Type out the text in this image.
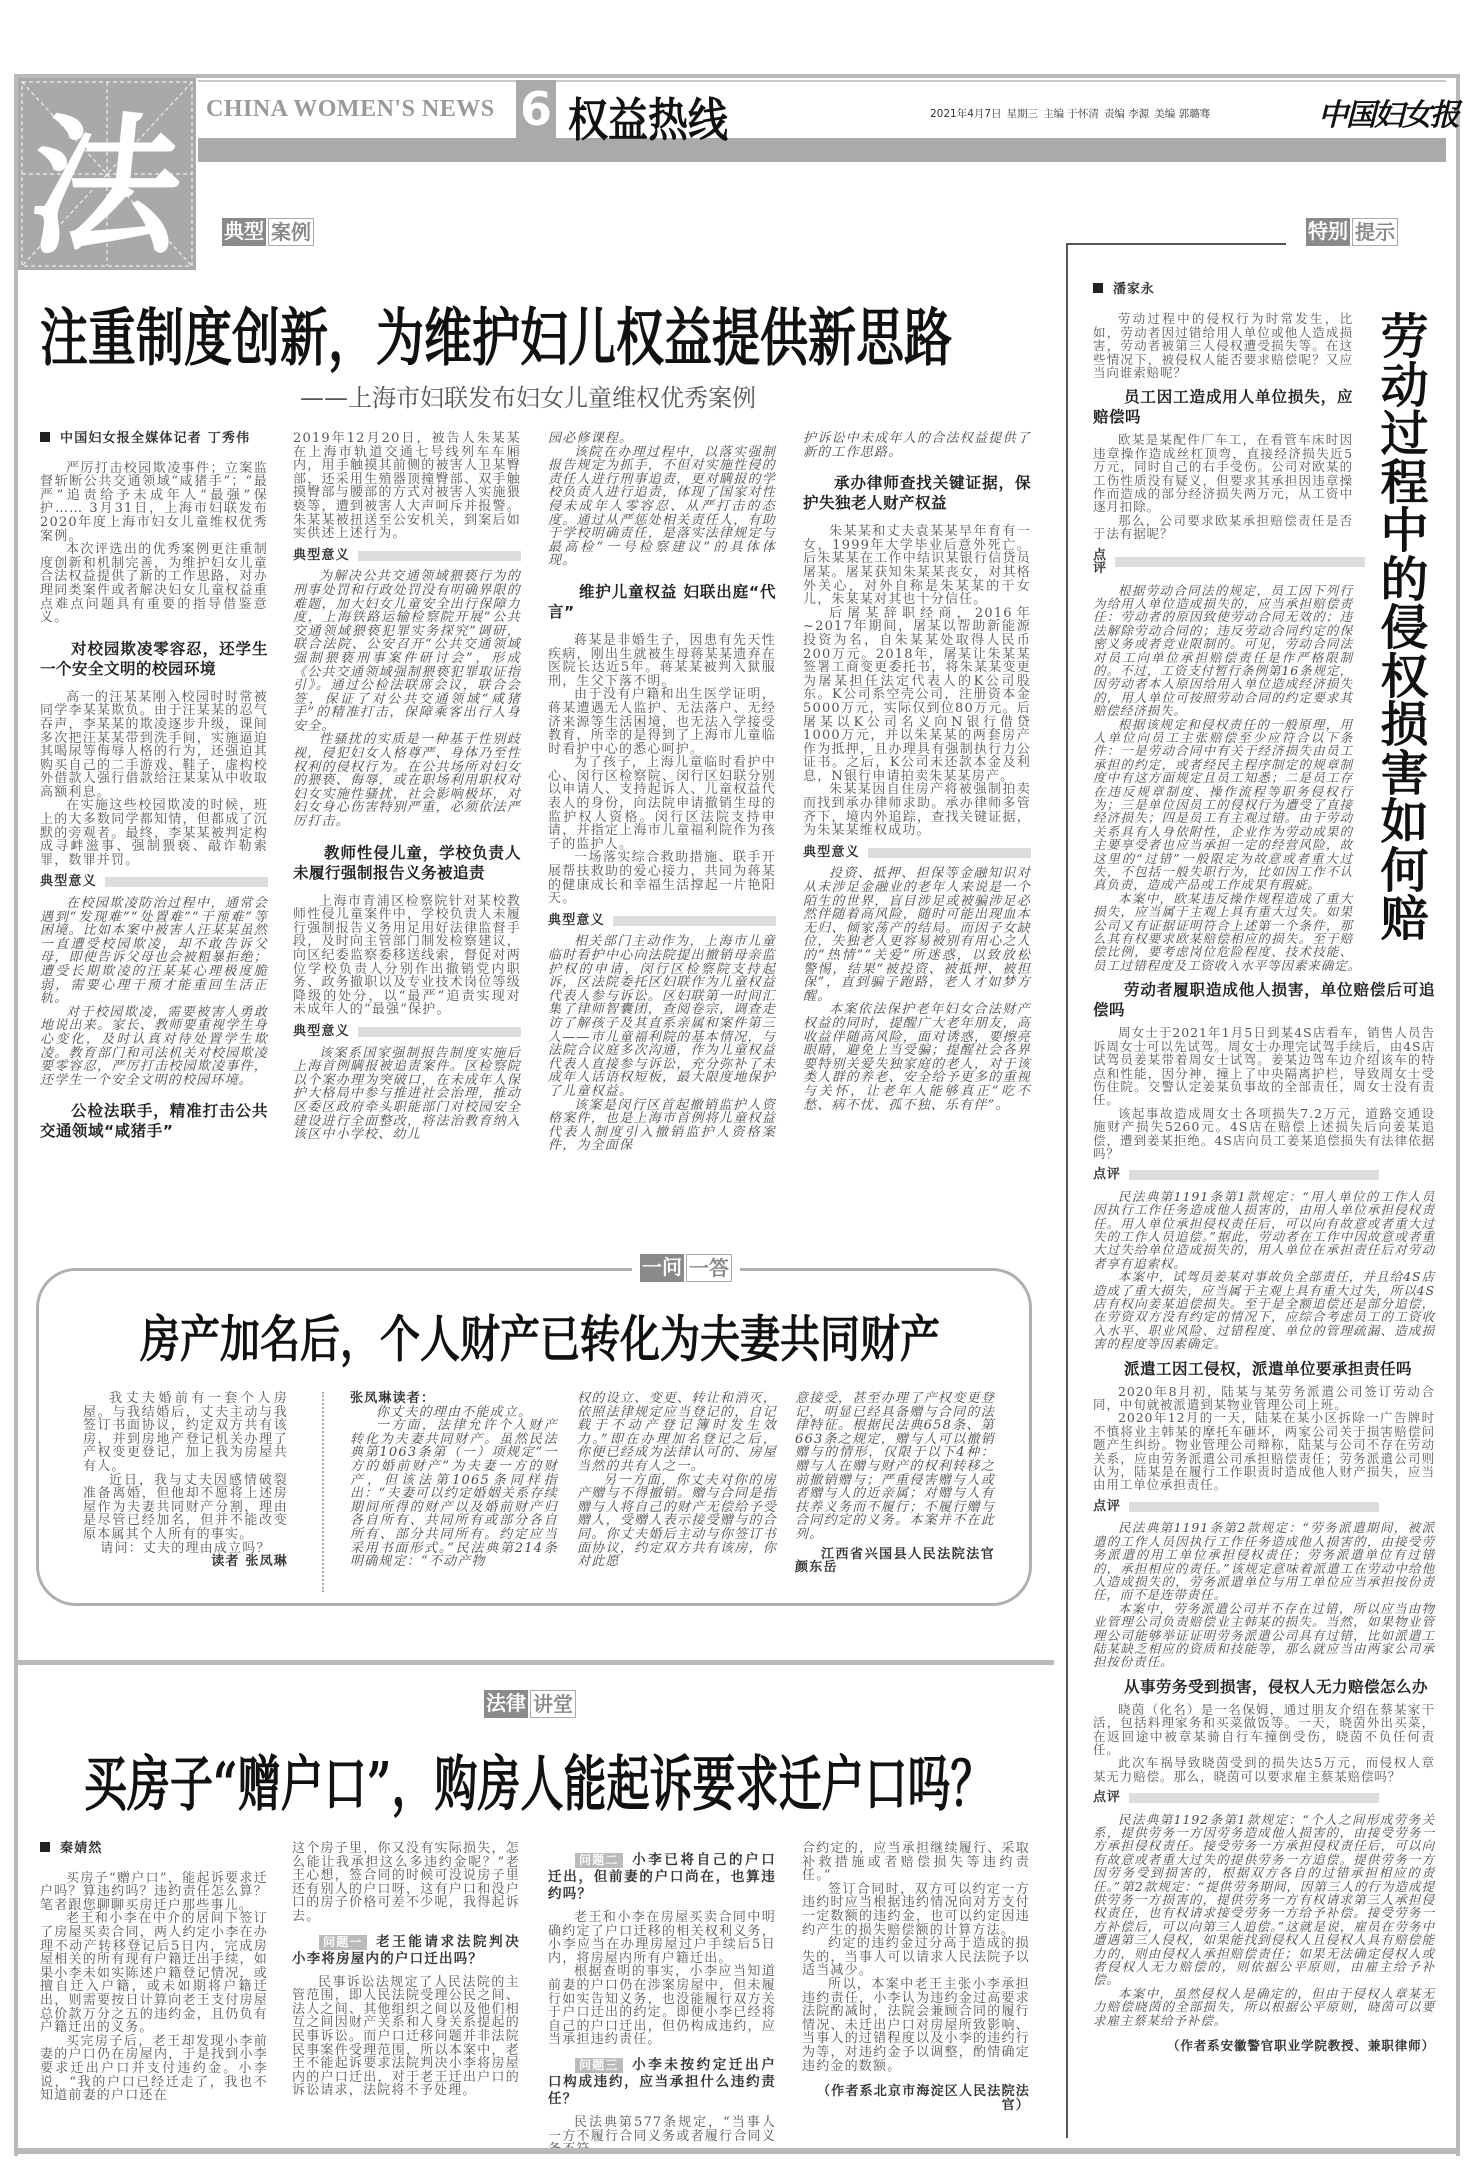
法 CHINA WOMEN'S NEWS 6 权益热线	2021年4月7日 星期三 主编 于怀清 责编 李源 美编 郭璐骞	中国妇女报
典型 案例	特别 提示
注重制度创新，为维护妇儿权益提供新思路
——上海市妇联发布妇女儿童维权优秀案例
中国妇女报全媒体记者 丁秀伟

严厉打击校园欺凌事件；立案监督斩断公共交通领域“咸猪手”；“最严”追责给予未成年人“最强”保护…… 3月31日，上海市妇联发布2020年度上海市妇女儿童维权优秀案例。

本次评选出的优秀案例更注重制度创新和机制完善，为维护妇女儿童合法权益提供了新的工作思路，对办理同类案件或者解决妇女儿童权益重点难点问题具有重要的指导借鉴意义。

对校园欺凌零容忍，还学生一个安全文明的校园环境

高一的汪某某刚入校园时时常被同学李某某欺负。由于汪某某的忍气吞声，李某某的欺凌逐步升级，课间多次把汪某某带到洗手间，实施逼迫其喝尿等侮辱人格的行为，还强迫其购买自己的二手游戏、鞋子，虚构校外借款人强行借款给汪某某从中收取高额利息。

在实施这些校园欺凌的时候，班上的大多数同学都知情，但都成了沉默的旁观者。最终，李某某被判定构成寻衅滋事、强制猥亵、敲诈勒索罪，数罪并罚。

典型意义

在校园欺凌防治过程中，通常会遇到“发现难”“处置难”“干预难”等困境。比如本案中被害人汪某某虽然一直遭受校园欺凌，却不敢告诉父母，即使告诉父母也会被粗暴拒绝；遭受长期欺凌的汪某某心理极度脆弱，需要心理干预才能重回生活正轨。

对于校园欺凌，需要被害人勇敢地说出来。家长、教师要重视学生身心变化，及时认真对待处置学生欺凌。教育部门和司法机关对校园欺凌要零容忍，严厉打击校园欺凌事件，还学生一个安全文明的校园环境。

公检法联手，精准打击公共交通领域“咸猪手”

2019年12月20日，被告人朱某某在上海市轨道交通七号线列车车厢内，用手触摸其前侧的被害人卫某臀部，还采用生殖器顶撞臀部、双手触摸臀部与腰部的方式对被害人实施猥亵等，遭到被害人大声呵斥并报警。朱某某被扭送至公安机关，到案后如实供述上述行为。

典型意义

为解决公共交通领域猥亵行为的刑事处罚和行政处罚没有明确界限的难题，加大妇女儿童安全出行保障力度，上海铁路运输检察院开展“公共交通领域猥亵犯罪实务探究”调研，联合法院、公安召开“公共交通领域强制猥亵刑事案件研讨会”，形成《公共交通领域强制猥亵犯罪取证指引》。通过公检法联席会议，联合会签，保证了对公共交通领域“咸猪手”的精准打击，保障乘客出行人身安全。

性骚扰的实质是一种基于性别歧视，侵犯妇女人格尊严、身体乃至性权利的侵权行为。在公共场所对妇女的猥亵、侮辱，或在职场利用职权对妇女实施性骚扰，社会影响极坏，对妇女身心伤害特别严重，必须依法严厉打击。

教师性侵儿童，学校负责人未履行强制报告义务被追责

上海市青浦区检察院针对某校教师性侵儿童案件中，学校负责人未履行强制报告义务用足用好法律监督手段，及时向主管部门制发检察建议，向区纪委监察委移送线索，督促对两位学校负责人分别作出撤销党内职务、政务撤职以及专业技术岗位等级降级的处分，以“最严”追责实现对未成年人的“最强”保护。

典型意义

该案系国家强制报告制度实施后上海首例瞒报被追责案件。区检察院以个案办理为突破口，在未成年人保护大格局中参与推进社会治理，推动区委区政府牵头职能部门对校园安全建设进行全面整改，将法治教育纳入该区中小学校、幼儿

园必修课程。

该院在办理过程中，以落实强制报告规定为抓手，不但对实施性侵的责任人进行刑事追责，更对瞒报的学校负责人进行追责，体现了国家对性侵未成年人零容忍、从严打击的态度。通过从严惩处相关责任人，有助于学校明确责任，是落实法律规定与最高检“一号检察建议”的具体体现。

维护儿童权益 妇联出庭“代言”

蒋某是非婚生子，因患有先天性疾病，刚出生就被生母蒋某某遗弃在医院长达近5年。蒋某某被判入狱服刑，生父下落不明。

由于没有户籍和出生医学证明，蒋某遭遇无人监护、无法落户、无经济来源等生活困境，也无法入学接受教育，所幸的是得到了上海市儿童临时看护中心的悉心呵护。

为了孩子，上海儿童临时看护中心、闵行区检察院、闵行区妇联分别以申请人、支持起诉人、儿童权益代表人的身份，向法院申请撤销生母的监护权人资格。闵行区法院支持申请，并指定上海市儿童福利院作为孩子的监护人。

一场落实综合救助措施、联手开展帮扶救助的爱心接力，共同为蒋某的健康成长和幸福生活撑起一片艳阳天。

典型意义

相关部门主动作为，上海市儿童临时看护中心向法院提出撤销母亲监护权的申请，闵行区检察院支持起诉，区法院委托区妇联作为儿童权益代表人参与诉讼。区妇联第一时间汇集了律师智囊团，查阅卷宗，调查走访了解孩子及其直系亲属和案件第三人——市儿童福利院的基本情况，与法院合议庭多次沟通，作为儿童权益代表人直接参与诉讼，充分弥补了未成年人话语权短板，最大限度地保护了儿童权益。

该案是闵行区首起撤销监护人资格案件，也是上海市首例将儿童权益代表人制度引入撤销监护人资格案件，为全面保

护诉讼中未成年人的合法权益提供了新的工作思路。

承办律师查找关键证据，保护失独老人财产权益

朱某某和丈夫袁某某早年育有一女，1999年大学毕业后意外死亡。后朱某某在工作中结识某银行信贷员屠某。屠某获知朱某某丧女，对其格外关心，对外自称是朱某某的干女儿，朱某某对其也十分信任。

后屠某辞职经商，2016年~2017年期间，屠某以帮助新能源投资为名，自朱某某处取得人民币200万元。2018年，屠某让朱某某签署工商变更委托书，将朱某某变更为屠某担任法定代表人的K公司股东。K公司系空壳公司，注册资本金5000万元，实际仅到位80万元。后屠某以K公司名义向N银行借贷1000万元，并以朱某某的两套房产作为抵押，且办理具有强制执行力公证书。之后，K公司未还款本金及利息，N银行申请拍卖朱某某房产。

朱某某因自住房产将被强制拍卖而找到承办律师求助。承办律师多管齐下，境内外追踪，查找关键证据，为朱某某维权成功。

典型意义

投资、抵押、担保等金融知识对从未涉足金融业的老年人来说是一个陌生的世界，盲目涉足或被骗涉足必然伴随着高风险，随时可能出现血本无归、倾家荡产的结局。而因子女缺位，失独老人更容易被别有用心之人的“热情”“关爱”所迷惑，以致放松警惕，结果“被投资、被抵押、被担保”，直到骗子跑路，老人才如梦方醒。

本案依法保护老年妇女合法财产权益的同时，提醒广大老年朋友，高收益伴随高风险，面对诱惑，要擦亮眼睛，避免上当受骗；提醒社会各界要特别关爱失独家庭的老人，对于该类人群的养老、安全给予更多的重视与关怀，让老年人能够真正“吃不愁、病不忧、孤不独、乐有伴”。

一问 一答
房产加名后，个人财产已转化为夫妻共同财产

我丈夫婚前有一套个人房屋。与我结婚后，丈夫主动与我签订书面协议，约定双方共有该房，并到房地产登记机关办理了产权变更登记，加上我为房屋共有人。

近日，我与丈夫因感情破裂准备离婚，但他却不愿将上述房屋作为夫妻共同财产分割，理由是尽管已经加名，但并不能改变原本属其个人所有的事实。

请问：丈夫的理由成立吗？
读者 张凤琳
张凤琳读者：

你丈夫的理由不能成立。

一方面，法律允许个人财产转化为夫妻共同财产。虽然民法典第1063条第（一）项规定“一方的婚前财产”为夫妻一方的财产，但该法第1065条同样指出：“夫妻可以约定婚姻关系存续期间所得的财产以及婚前财产归各自所有、共同所有或部分各自所有、部分共同所有。约定应当采用书面形式。”民法典第214条明确规定：“不动产物

权的设立、变更、转让和消灭，依照法律规定应当登记的，自记载于不动产登记簿时发生效力。”即在办理加名登记之后，你便已经成为法律认可的、房屋当然的共有人之一。

另一方面，你丈夫对你的房产赠与不得撤销。赠与合同是指赠与人将自己的财产无偿给予受赠人，受赠人表示接受赠与的合同。你丈夫婚后主动与你签订书面协议，约定双方共有该房，你对此愿

意接受，甚至办理了产权变更登记，明显已经具备赠与合同的法律特征。根据民法典658条、第663条之规定，赠与人可以撤销赠与的情形，仅限于以下4种：赠与人在赠与财产的权利转移之前撤销赠与；严重侵害赠与人或者赠与人的近亲属；对赠与人有扶养义务而不履行；不履行赠与合同约定的义务。本案并不在此列。

江西省兴国县人民法院法官 颜东岳
法律 讲堂
买房子“赠户口”，购房人能起诉要求迁户口吗？
秦婧然

买房子“赠户口”，能起诉要求迁户吗？算违约吗？违约责任怎么算？笔者跟您聊聊买房迁户那些事儿。

老王和小李在中介的居间下签订了房屋买卖合同，两人约定小李在办理不动产转移登记后5日内，完成房屋相关的所有现有户籍迁出手续，如果小李未如实陈述户籍登记情况，或擅自迁入户籍，或未如期将户籍迁出，则需要按日计算向老王支付房屋总价款万分之五的违约金，且仍负有户籍迁出的义务。

买完房子后，老王却发现小李前妻的户口仍在房屋内，于是找到小李要求迁出户口并支付违约金。小李说，“我的户口已经迁走了，我也不知道前妻的户口还在

这个房子里，你又没有实际损失，怎么能让我承担这么多违约金呢？”老王心想，签合同的时候可没说房子里还有别人的户口呀，这有户口和没户口的房子价格可差不少呢，我得起诉去。

问题一 老王能请求法院判决小李将房屋内的户口迁出吗？

民事诉讼法规定了人民法院的主管范围，即人民法院受理公民之间、法人之间、其他组织之间以及他们相互之间因财产关系和人身关系提起的民事诉讼。而户口迁移问题并非法院民事案件受理范围，所以本案中，老王不能起诉要求法院判决小李将房屋内的户口迁出，对于老王迁出户口的诉讼请求，法院将不予处理。

问题二 小李已将自己的户口迁出，但前妻的户口尚在，也算违约吗？

老王和小李在房屋买卖合同中明确约定了户口迁移的相关权利义务，小李应当在办理房屋过户手续后5日内，将房屋内所有户籍迁出。

根据查明的事实，小李应当知道前妻的户口仍在涉案房屋中，但未履行如实告知义务，也没能履行双方关于户口迁出的约定。即便小李已经将自己的户口迁出，但仍构成违约，应当承担违约责任。

问题三 小李未按约定迁出户口构成违约，应当承担什么违约责任？

民法典第577条规定，“当事人一方不履行合同义务或者履行合同义

合约定的，应当承担继续履行、采取补救措施或者赔偿损失等违约责任。”

签订合同时，双方可以约定一方违约时应当根据违约情况向对方支付一定数额的违约金，也可以约定因违约产生的损失赔偿额的计算方法。

约定的违约金过分高于造成的损失的，当事人可以请求人民法院予以适当减少。

所以，本案中老王主张小李承担违约责任，小李认为违约金过高要求法院酌减时，法院会兼顾合同的履行情况、未迁出户口对房屋所致影响、当事人的过错程度以及小李的违约行为等，对违约金予以调整，酌情确定违约金的数额。

（作者系北京市海淀区人民法院法官）
劳动过程中的侵权损害如何赔
潘家永

劳动过程中的侵权行为时常发生，比如，劳动者因过错给用人单位或他人造成损害，劳动者被第三人侵权遭受损失等。在这些情况下，被侵权人能否要求赔偿呢？又应当向谁索赔呢？

员工因工造成用人单位损失，应赔偿吗

欧某是某配件厂车工，在看管车床时因违章操作造成丝杠顶弯，直接经济损失近5万元，同时自己的右手受伤。公司对欧某的工伤性质没有疑义，但要求其承担因违章操作而造成的部分经济损失两万元，从工资中逐月扣除。

那么，公司要求欧某承担赔偿责任是否于法有据呢？

点评

根据劳动合同法的规定，员工因下列行为给用人单位造成损失的，应当承担赔偿责任：劳动者的原因致使劳动合同无效的；违法解除劳动合同的；违反劳动合同约定的保密义务或者竞业限制的。可见，劳动合同法对员工向单位承担赔偿责任是作严格限制的。不过，工资支付暂行条例第16条规定，因劳动者本人原因给用人单位造成经济损失的，用人单位可按照劳动合同的约定要求其赔偿经济损失。

根据该规定和侵权责任的一般原理，用人单位向员工主张赔偿至少应符合以下条件：一是劳动合同中有关于经济损失由员工承担的约定，或者经民主程序制定的规章制度中有这方面规定且员工知悉；二是员工存在违反规章制度、操作流程等职务侵权行为；三是单位因员工的侵权行为遭受了直接经济损失；四是员工有主观过错。由于劳动关系具有人身依附性，企业作为劳动成果的主要享受者也应当承担一定的经营风险，故这里的“过错”一般限定为故意或者重大过失，不包括一般失职行为，比如因工作不认真负责，造成产品或工作成果有瑕疵。

本案中，欧某违反操作规程造成了重大损失，应当属于主观上具有重大过失。如果公司又有证据证明符合上述第一个条件，那么其有权要求欧某赔偿相应的损失。至于赔偿比例，要考虑岗位危险程度、技术技能、员工过错程度及工资收入水平等因素来确定。

劳动者履职造成他人损害，单位赔偿后可追偿吗

周女士于2021年1月5日到某4S店看车，销售人员告诉周女士可以先试驾。周女士办理完试驾手续后，由4S店试驾员姜某带着周女士试驾。姜某边驾车边介绍该车的特点和性能，因分神，撞上了中央隔离护栏，导致周女士受伤住院。交警认定姜某负事故的全部责任，周女士没有责任。

该起事故造成周女士各项损失7.2万元，道路交通设施财产损失5260元。4S店在赔偿上述损失后向姜某追偿，遭到姜某拒绝。4S店向员工姜某追偿损失有法律依据吗？

点评

民法典第1191条第1款规定：“用人单位的工作人员因执行工作任务造成他人损害的，由用人单位承担侵权责任。用人单位承担侵权责任后，可以向有故意或者重大过失的工作人员追偿。”据此，劳动者在工作中因故意或者重大过失给单位造成损失的，用人单位在承担责任后对劳动者享有追索权。

本案中，试驾员姜某对事故负全部责任，并且给4S店造成了重大损失，应当属于主观上具有重大过失，所以4S店有权向姜某追偿损失。至于是全额追偿还是部分追偿，在劳资双方没有约定的情况下，应综合考虑员工的工资收入水平、职业风险、过错程度、单位的管理疏漏、造成损害的程度等因素确定。

派遣工因工侵权，派遣单位要承担责任吗

2020年8月初，陆某与某劳务派遣公司签订劳动合同，中旬就被派遣到某物业管理公司上班。

2020年12月的一天，陆某在某小区拆除一广告牌时不慎将业主韩某的摩托车砸坏，两家公司关于损害赔偿问题产生纠纷。物业管理公司辩称，陆某与公司不存在劳动关系，应由劳务派遣公司承担赔偿责任；劳务派遣公司则认为，陆某是在履行工作职责时造成他人财产损失，应当由用工单位承担责任。

点评

民法典第1191条第2款规定：“劳务派遣期间，被派遣的工作人员因执行工作任务造成他人损害的，由接受劳务派遣的用工单位承担侵权责任；劳务派遣单位有过错的，承担相应的责任。”该规定意味着派遣工在劳动中给他人造成损失的，劳务派遣单位与用工单位应当承担按份责任，而不是连带责任。

本案中，劳务派遣公司并不存在过错，所以应当由物业管理公司负责赔偿业主韩某的损失。当然，如果物业管理公司能够举证证明劳务派遣公司具有过错，比如派遣工陆某缺乏相应的资质和技能等，那么就应当由两家公司承担按份责任。

从事劳务受到损害，侵权人无力赔偿怎么办

晓茵（化名）是一名保姆，通过朋友介绍在蔡某家干活，包括料理家务和买菜做饭等。一天，晓茵外出买菜，在返回途中被章某骑自行车撞倒受伤，晓茵不负任何责任。

此次车祸导致晓茵受到的损失达5万元，而侵权人章某无力赔偿。那么，晓茵可以要求雇主蔡某赔偿吗？

点评

民法典第1192条第1款规定：“个人之间形成劳务关系，提供劳务一方因劳务造成他人损害的，由接受劳务一方承担侵权责任。接受劳务一方承担侵权责任后，可以向有故意或者重大过失的提供劳务一方追偿。提供劳务一方因劳务受到损害的，根据双方各自的过错承担相应的责任。”第2款规定：“提供劳务期间，因第三人的行为造成提供劳务一方损害的，提供劳务一方有权请求第三人承担侵权责任，也有权请求接受劳务一方给予补偿。接受劳务一方补偿后，可以向第三人追偿。”这就是说，雇员在劳务中遭遇第三人侵权，如果能找到侵权人且侵权人具有赔偿能力的，则由侵权人承担赔偿责任；如果无法确定侵权人或者侵权人无力赔偿的，则依据公平原则，由雇主给予补偿。

本案中，虽然侵权人是确定的，但由于侵权人章某无力赔偿晓茵的全部损失，所以根据公平原则，晓茵可以要求雇主蔡某给予补偿。

（作者系安徽警官职业学院教授、兼职律师）
